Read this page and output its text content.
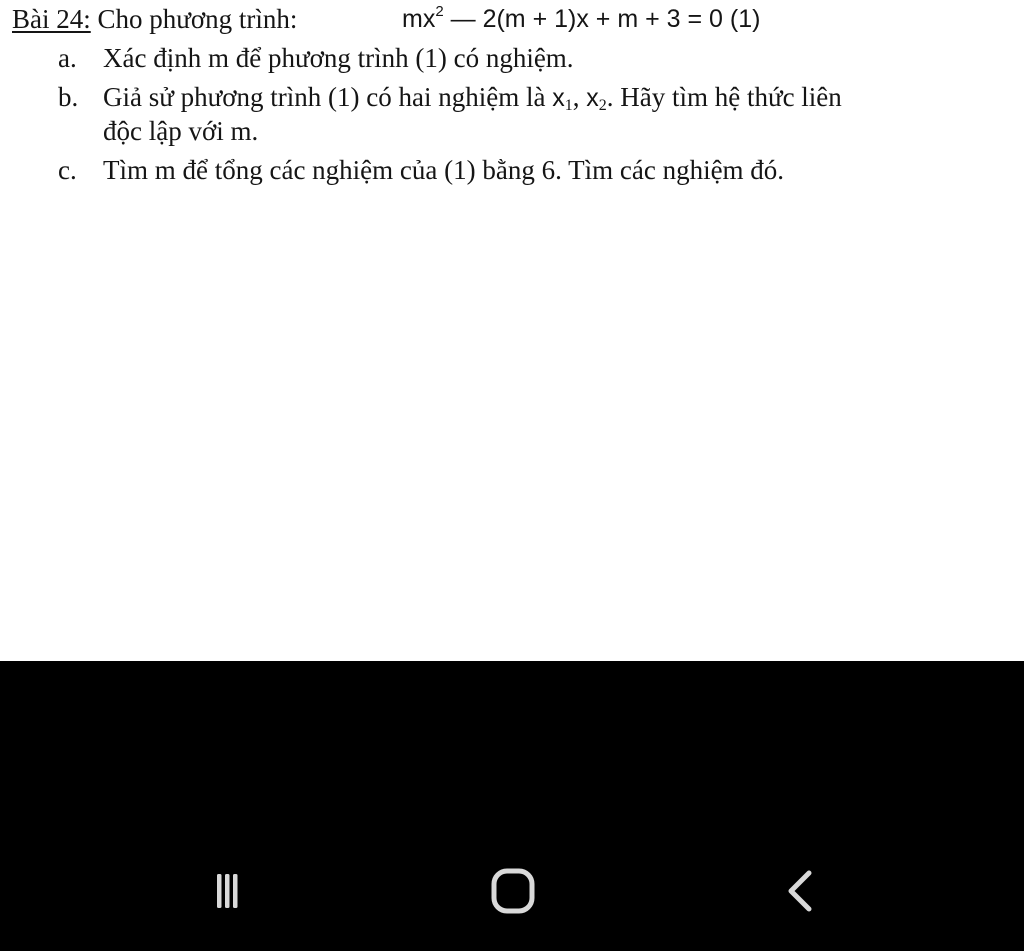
Bài 24: Cho phương trình:	$mx^2$ — 2(m + 1)x + m + 3 = 0 (1)
a. Xác định m để phương trình (1) có nghiệm.
b. Giả sử phương trình (1) có hai nghiệm là $x_1$, $x_2$. Hãy tìm hệ thức liên
độc lập với m.
c. Tìm m để tổng các nghiệm của (1) bằng 6. Tìm các nghiệm đó.
